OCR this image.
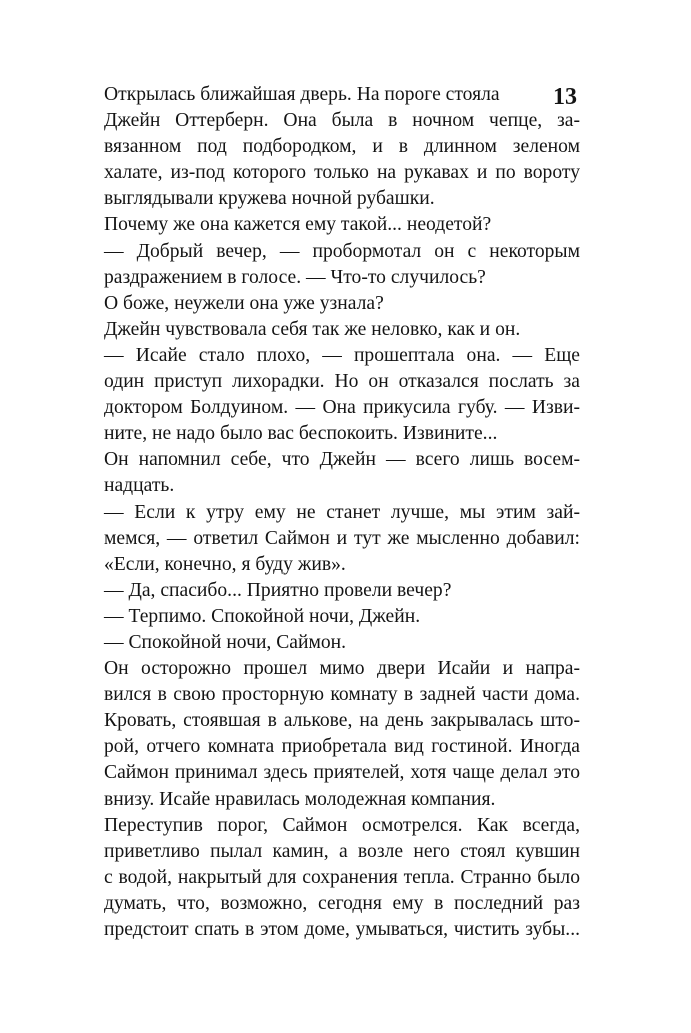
13
Открылась ближайшая дверь. На пороге стояла
Джейн Оттерберн. Она была в ночном чепце, за-
вязанном под подбородком, и в длинном зеленом
халате, из-под которого только на рукавах и по вороту
выглядывали кружева ночной рубашки.
Почему же она кажется ему такой... неодетой?
— Добрый вечер, — пробормотал он с некоторым
раздражением в голосе. — Что-то случилось?
О боже, неужели она уже узнала?
Джейн чувствовала себя так же неловко, как и он.
— Исайе стало плохо, — прошептала она. — Еще
один приступ лихорадки. Но он отказался послать за
доктором Болдуином. — Она прикусила губу. — Изви-
ните, не надо было вас беспокоить. Извините...
Он напомнил себе, что Джейн — всего лишь восем-
надцать.
— Если к утру ему не станет лучше, мы этим зай-
мемся, — ответил Саймон и тут же мысленно добавил:
«Если, конечно, я буду жив».
— Да, спасибо... Приятно провели вечер?
— Терпимо. Спокойной ночи, Джейн.
— Спокойной ночи, Саймон.
Он осторожно прошел мимо двери Исайи и напра-
вился в свою просторную комнату в задней части дома.
Кровать, стоявшая в алькове, на день закрывалась што-
рой, отчего комната приобретала вид гостиной. Иногда
Саймон принимал здесь приятелей, хотя чаще делал это
внизу. Исайе нравилась молодежная компания.
Переступив порог, Саймон осмотрелся. Как всегда,
приветливо пылал камин, а возле него стоял кувшин
с водой, накрытый для сохранения тепла. Странно было
думать, что, возможно, сегодня ему в последний раз
предстоит спать в этом доме, умываться, чистить зубы...
